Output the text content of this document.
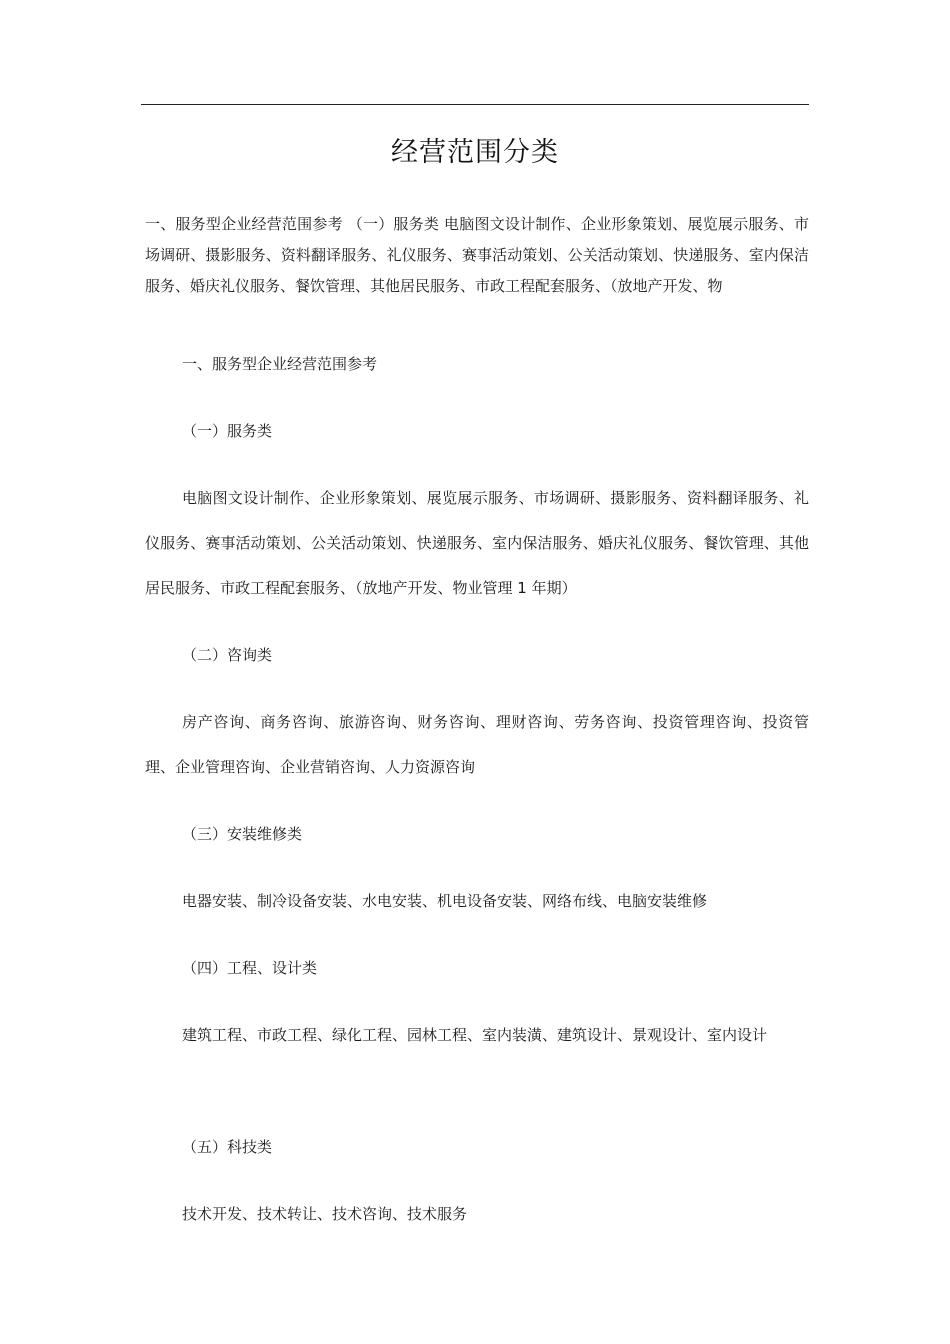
经营范围分类
一、服务型企业经营范围参考 （一）服务类 电脑图文设计制作、企业形象策划、展览展示服务、市场调研、摄影服务、资料翻译服务、礼仪服务、赛事活动策划、公关活动策划、快递服务、室内保洁服务、婚庆礼仪服务、餐饮管理、其他居民服务、市政工程配套服务、（放地产开发、物
一、服务型企业经营范围参考
（一）服务类
电脑图文设计制作、企业形象策划、展览展示服务、市场调研、摄影服务、资料翻译服务、礼仪服务、赛事活动策划、公关活动策划、快递服务、室内保洁服务、婚庆礼仪服务、餐饮管理、其他居民服务、市政工程配套服务、（放地产开发、物业管理 1 年期）
（二）咨询类
房产咨询、商务咨询、旅游咨询、财务咨询、理财咨询、劳务咨询、投资管理咨询、投资管理、企业管理咨询、企业营销咨询、人力资源咨询
（三）安装维修类
电器安装、制冷设备安装、水电安装、机电设备安装、网络布线、电脑安装维修
（四）工程、设计类
建筑工程、市政工程、绿化工程、园林工程、室内装潢、建筑设计、景观设计、室内设计
（五）科技类
技术开发、技术转让、技术咨询、技术服务
